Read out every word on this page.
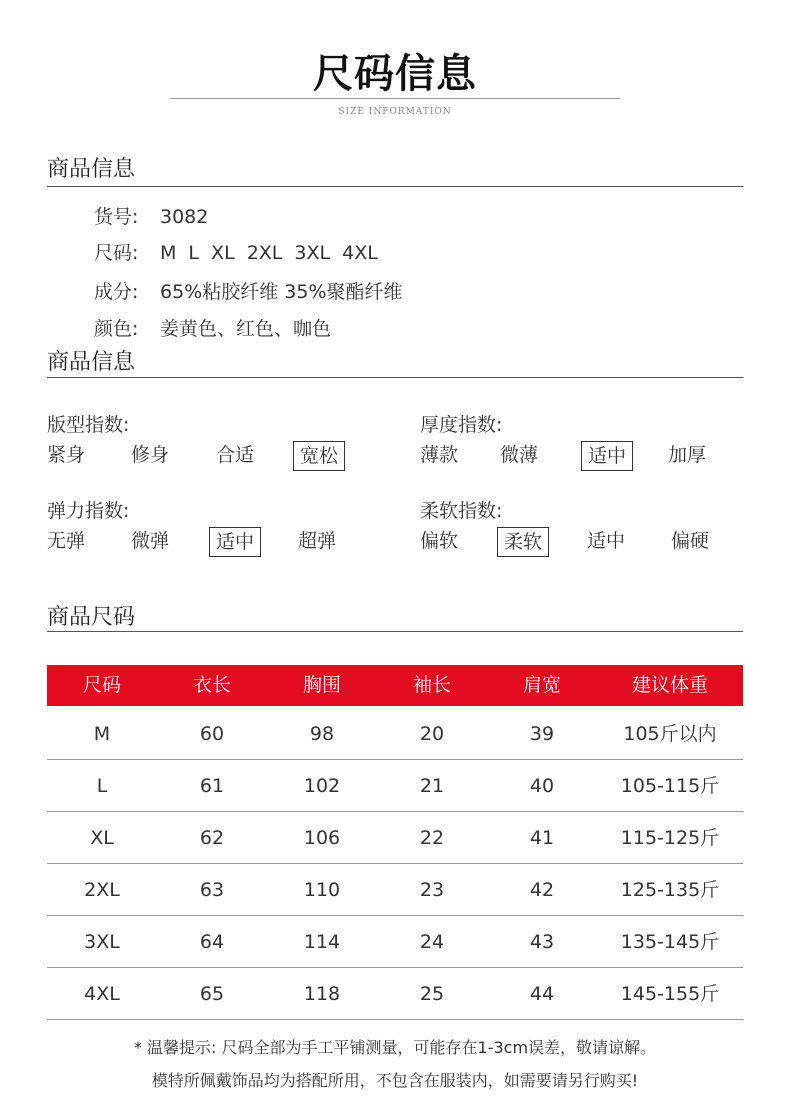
尺码信息
SIZE INFORMATION
商品信息
货号: 3082
尺码: M L XL 2XL 3XL 4XL
成分: 65%粘胶纤维 35%聚酯纤维
颜色: 姜黄色、红色、咖色
商品信息
版型指数:
紧身	修身	合适	宽松
厚度指数:
薄款	微薄	适中	加厚
弹力指数:
无弹	微弹	适中	超弹
柔软指数:
偏软	柔软	适中	偏硬
商品尺码
尺码	衣长	胸围	袖长	肩宽	建议体重
M	60	98	20	39	105斤以内
L	61	102	21	40	105-115斤
XL	62	106	22	41	115-125斤
2XL	63	110	23	42	125-135斤
3XL	64	114	24	43	135-145斤
4XL	65	118	25	44	145-155斤
* 温馨提示: 尺码全部为手工平铺测量，可能存在1-3cm误差，敬请谅解。
模特所佩戴饰品均为搭配所用，不包含在服装内，如需要请另行购买!
